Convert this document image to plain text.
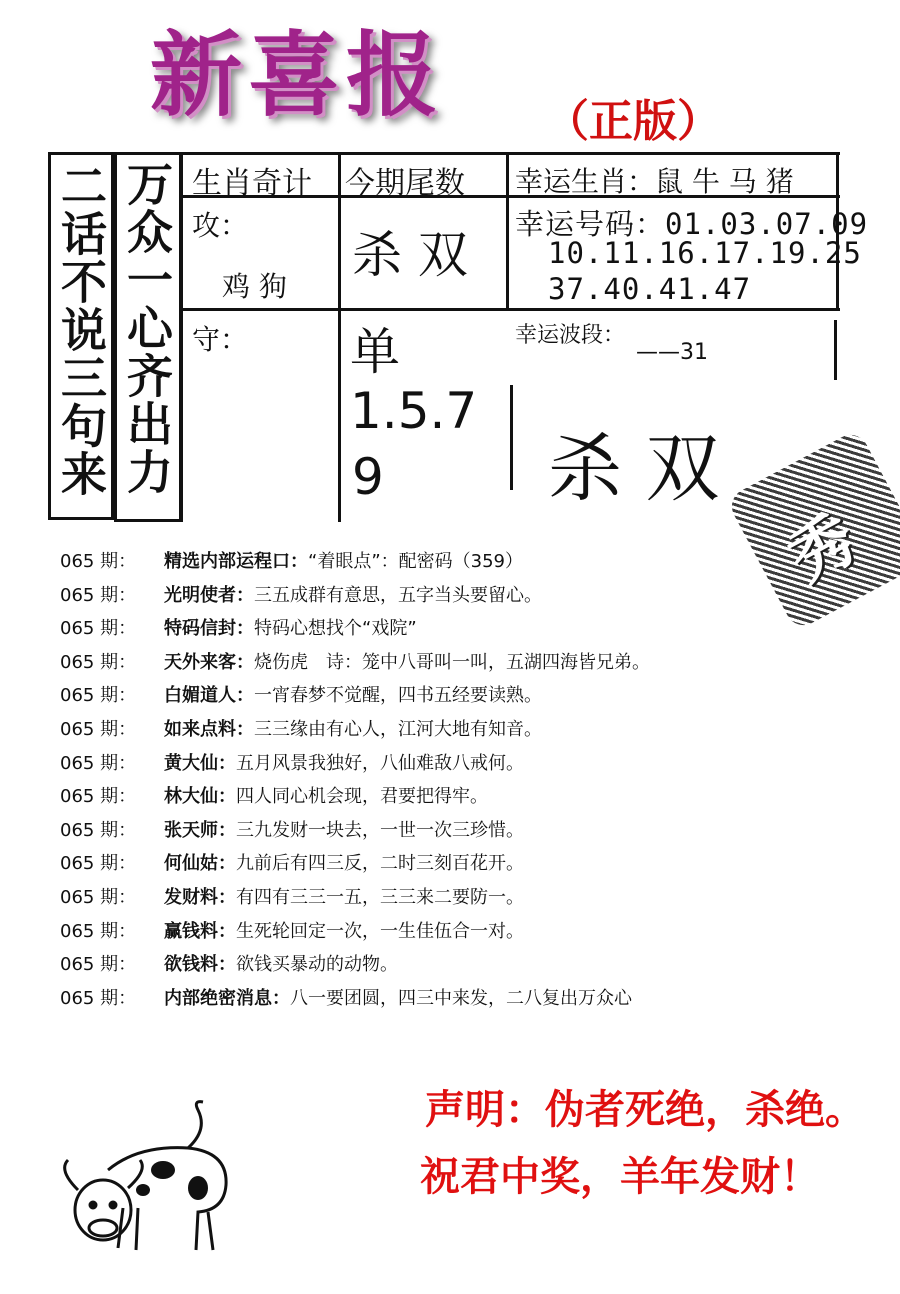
新喜报 （正版）
二话不说三句来 万众一心齐出力 生肖奇计 今期尾数 幸运生肖：鼠 牛 马 猪
攻：
鸡 狗
杀 双
幸运号码：01.03.07.09
10.11.16.17.19.25
37.40.41.47
守： 单
1.5.7
9
幸运波段：
——31
杀 双
秀
065 期： 精选内部运程口：“着眼点”：配密码（359）
065 期： 光明使者：三五成群有意思，五字当头要留心。
065 期： 特码信封：特码心想找个“戏院”
065 期： 天外来客：烧伤虎　诗：笼中八哥叫一叫，五湖四海皆兄弟。
065 期： 白媚道人：一宵春梦不觉醒，四书五经要读熟。
065 期： 如来点料：三三缘由有心人，江河大地有知音。
065 期： 黄大仙：五月风景我独好，八仙难敌八戒何。
065 期： 林大仙：四人同心机会现，君要把得牢。
065 期： 张天师：三九发财一块去，一世一次三珍惜。
065 期： 何仙姑：九前后有四三反，二时三刻百花开。
065 期： 发财料：有四有三三一五，三三来二要防一。
065 期： 赢钱料：生死轮回定一次，一生佳伍合一对。
065 期： 欲钱料：欲钱买暴动的动物。
065 期： 内部绝密消息：八一要团圆，四三中来发，二八复出万众心
声明：伪者死绝，杀绝。
祝君中奖，羊年发财！
